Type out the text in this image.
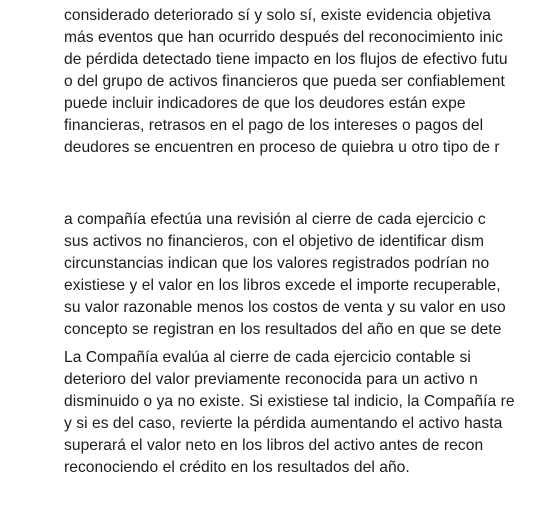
considerado deteriorado sí y solo sí, existe evidencia objetiva
más eventos que han ocurrido después del reconocimiento inic
de pérdida detectado tiene impacto en los flujos de efectivo futu
o del grupo de activos financieros que pueda ser confiablement
puede incluir indicadores de que los deudores están expe
financieras, retrasos en el pago de los intereses o pagos del
deudores se encuentren en proceso de quiebra u otro tipo de r
a compañía efectúa una revisión al cierre de cada ejercicio c
sus activos no financieros, con el objetivo de identificar dism
circunstancias indican que los valores registrados podrían no
existiese y el valor en los libros excede el importe recuperable,
su valor razonable menos los costos de venta y su valor en uso
concepto se registran en los resultados del año en que se dete
La Compañía evalúa al cierre de cada ejercicio contable si
deterioro del valor previamente reconocida para un activo n
disminuido o ya no existe. Si existiese tal indicio, la Compañía re
y si es del caso, revierte la pérdida aumentando el activo hasta
superará el valor neto en los libros del activo antes de recon
reconociendo el crédito en los resultados del año.
